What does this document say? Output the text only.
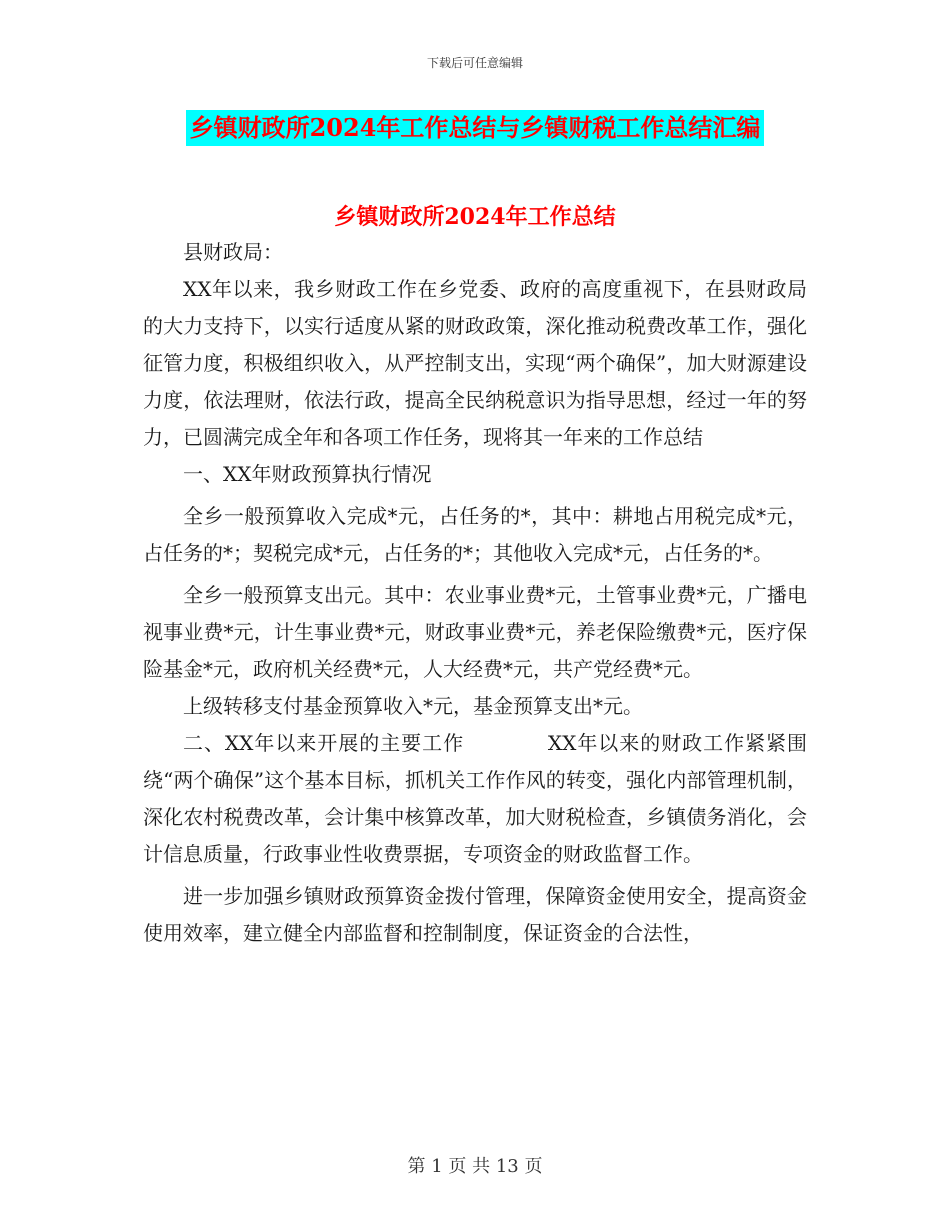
下载后可任意编辑
乡镇财政所2024年工作总结与乡镇财税工作总结汇编
乡镇财政所2024年工作总结

县财政局：

XX年以来，我乡财政工作在乡党委、政府的高度重视下，在县财政局的大力支持下，以实行适度从紧的财政政策，深化推动税费改革工作，强化征管力度，积极组织收入，从严控制支出，实现“两个确保”，加大财源建设力度，依法理财，依法行政，提高全民纳税意识为指导思想，经过一年的努力，已圆满完成全年和各项工作任务，现将其一年来的工作总结

一、XX年财政预算执行情况

全乡一般预算收入完成*元，占任务的*，其中：耕地占用税完成*元，占任务的*；契税完成*元，占任务的*；其他收入完成*元，占任务的*。

全乡一般预算支出元。其中：农业事业费*元，土管事业费*元，广播电视事业费*元，计生事业费*元，财政事业费*元，养老保险缴费*元，医疗保险基金*元，政府机关经费*元，人大经费*元，共产党经费*元。

上级转移支付基金预算收入*元，基金预算支出*元。

二、XX年以来开展的主要工作　　　　XX年以来的财政工作紧紧围绕“两个确保”这个基本目标，抓机关工作作风的转变，强化内部管理机制，深化农村税费改革，会计集中核算改革，加大财税检查，乡镇债务消化，会计信息质量，行政事业性收费票据，专项资金的财政监督工作。

进一步加强乡镇财政预算资金拨付管理，保障资金使用安全，提高资金使用效率，建立健全内部监督和控制制度，保证资金的合法性，

第 1 页 共 13 页
